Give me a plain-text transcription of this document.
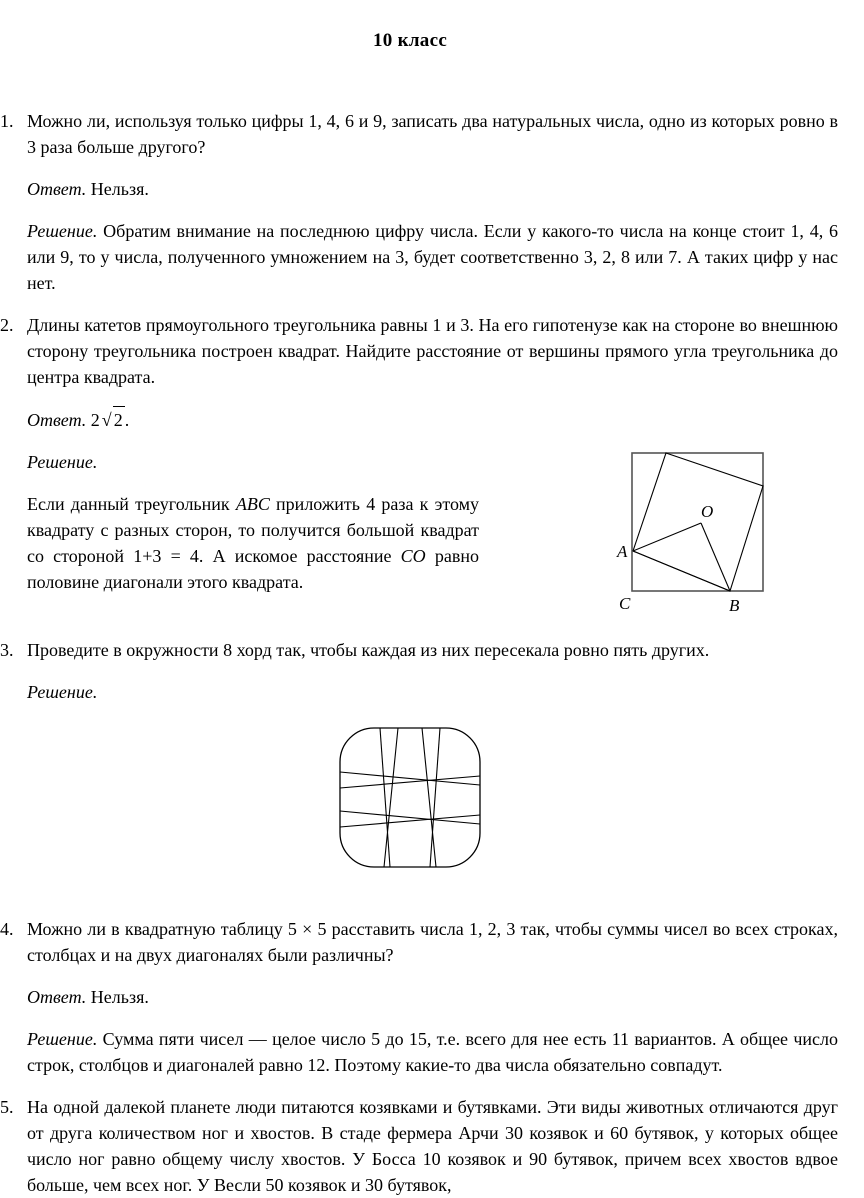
10 класс
1. Можно ли, используя только цифры 1, 4, 6 и 9, записать два натуральных числа, одно из которых ровно в 3 раза больше другого?

Ответ. Нельзя.

Решение. Обратим внимание на последнюю цифру числа. Если у какого-то числа на конце стоит 1, 4, 6 или 9, то у числа, полученного умножением на 3, будет соответственно 3, 2, 8 или 7. А таких цифр у нас нет.

2. Длины катетов прямоугольного треугольника равны 1 и 3. На его гипотенузе как на стороне во внешнюю сторону треугольника построен квадрат. Найдите расстояние от вершины прямого угла треугольника до центра квадрата.

Ответ. 2 √ 2 .

Решение.

Если данный треугольник ABC приложить 4 раза к этому квадрату с разных сторон, то получится большой квадрат со стороной 1+3 = 4. А искомое расстояние CO равно половине диагонали этого квадрата.

A
B
C
O
3. Проведите в окружности 8 хорд так, чтобы каждая из них пересекала ровно пять других.

Решение.

4. Можно ли в квадратную таблицу 5 × 5 расставить числа 1, 2, 3 так, чтобы суммы чисел во всех строках, столбцах и на двух диагоналях были различны?

Ответ. Нельзя.

Решение. Сумма пяти чисел — целое число 5 до 15, т.е. всего для нее есть 11 вариантов. А общее число строк, столбцов и диагоналей равно 12. Поэтому какие-то два числа обязательно совпадут.

5. На одной далекой планете люди питаются козявками и бутявками. Эти виды животных отличаются друг от друга количеством ног и хвостов. В стаде фермера Арчи 30 козявок и 60 бутявок, у которых общее число ног равно общему числу хвостов. У Босса 10 козявок и 90 бутявок, причем всех хвостов вдвое больше, чем всех ног. У Весли 50 козявок и 30 бутявок,
